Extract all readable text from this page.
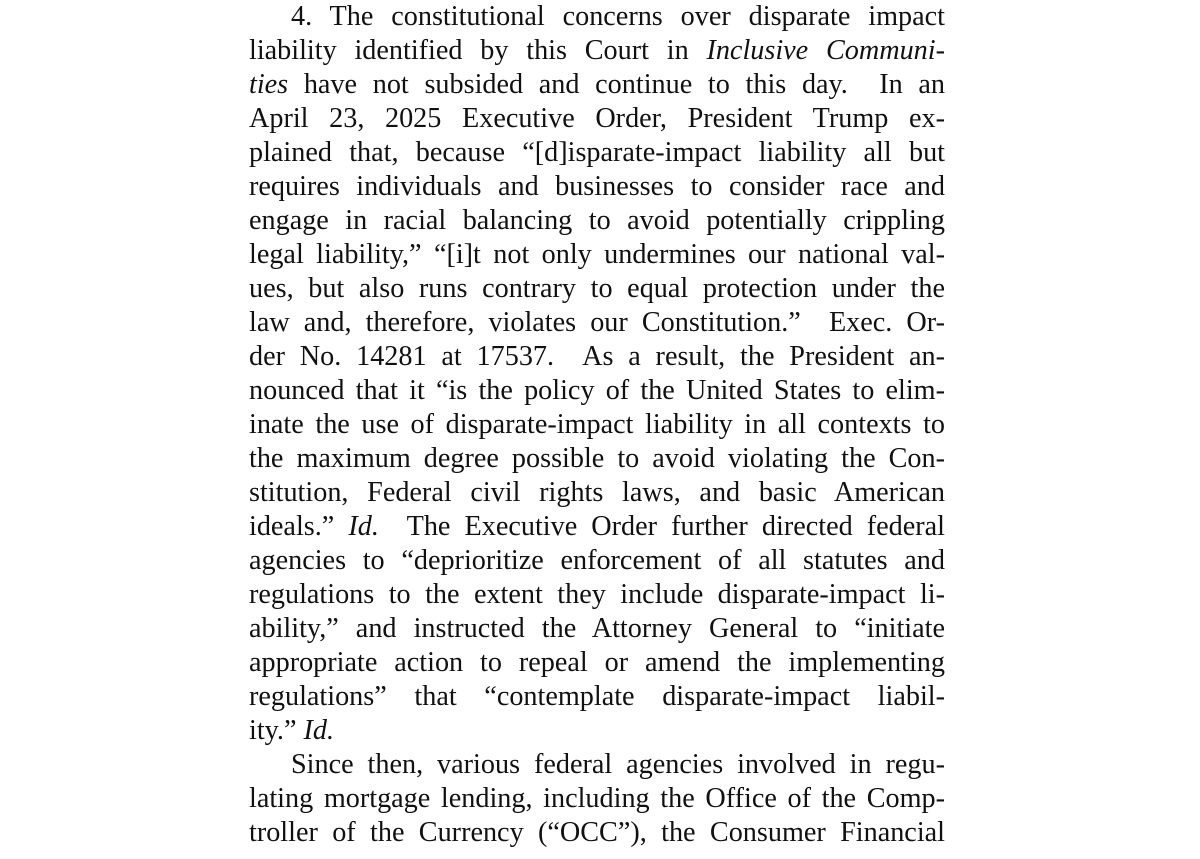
4. The constitutional concerns over disparate impact
liability identified by this Court in Inclusive Communi-
ties have not subsided and continue to this day.  In an
April 23, 2025 Executive Order, President Trump ex-
plained that, because “[d]isparate-impact liability all but
requires individuals and businesses to consider race and
engage in racial balancing to avoid potentially crippling
legal liability,” “[i]t not only undermines our national val-
ues, but also runs contrary to equal protection under the
law and, therefore, violates our Constitution.”  Exec. Or-
der No. 14281 at 17537.  As a result, the President an-
nounced that it “is the policy of the United States to elim-
inate the use of disparate-impact liability in all contexts to
the maximum degree possible to avoid violating the Con-
stitution, Federal civil rights laws, and basic American
ideals.” Id.  The Executive Order further directed federal
agencies to “deprioritize enforcement of all statutes and
regulations to the extent they include disparate-impact li-
ability,” and instructed the Attorney General to “initiate
appropriate action to repeal or amend the implementing
regulations” that “contemplate disparate-impact liabil-
ity.” Id.
Since then, various federal agencies involved in regu-
lating mortgage lending, including the Office of the Comp-
troller of the Currency (“OCC”), the Consumer Financial
